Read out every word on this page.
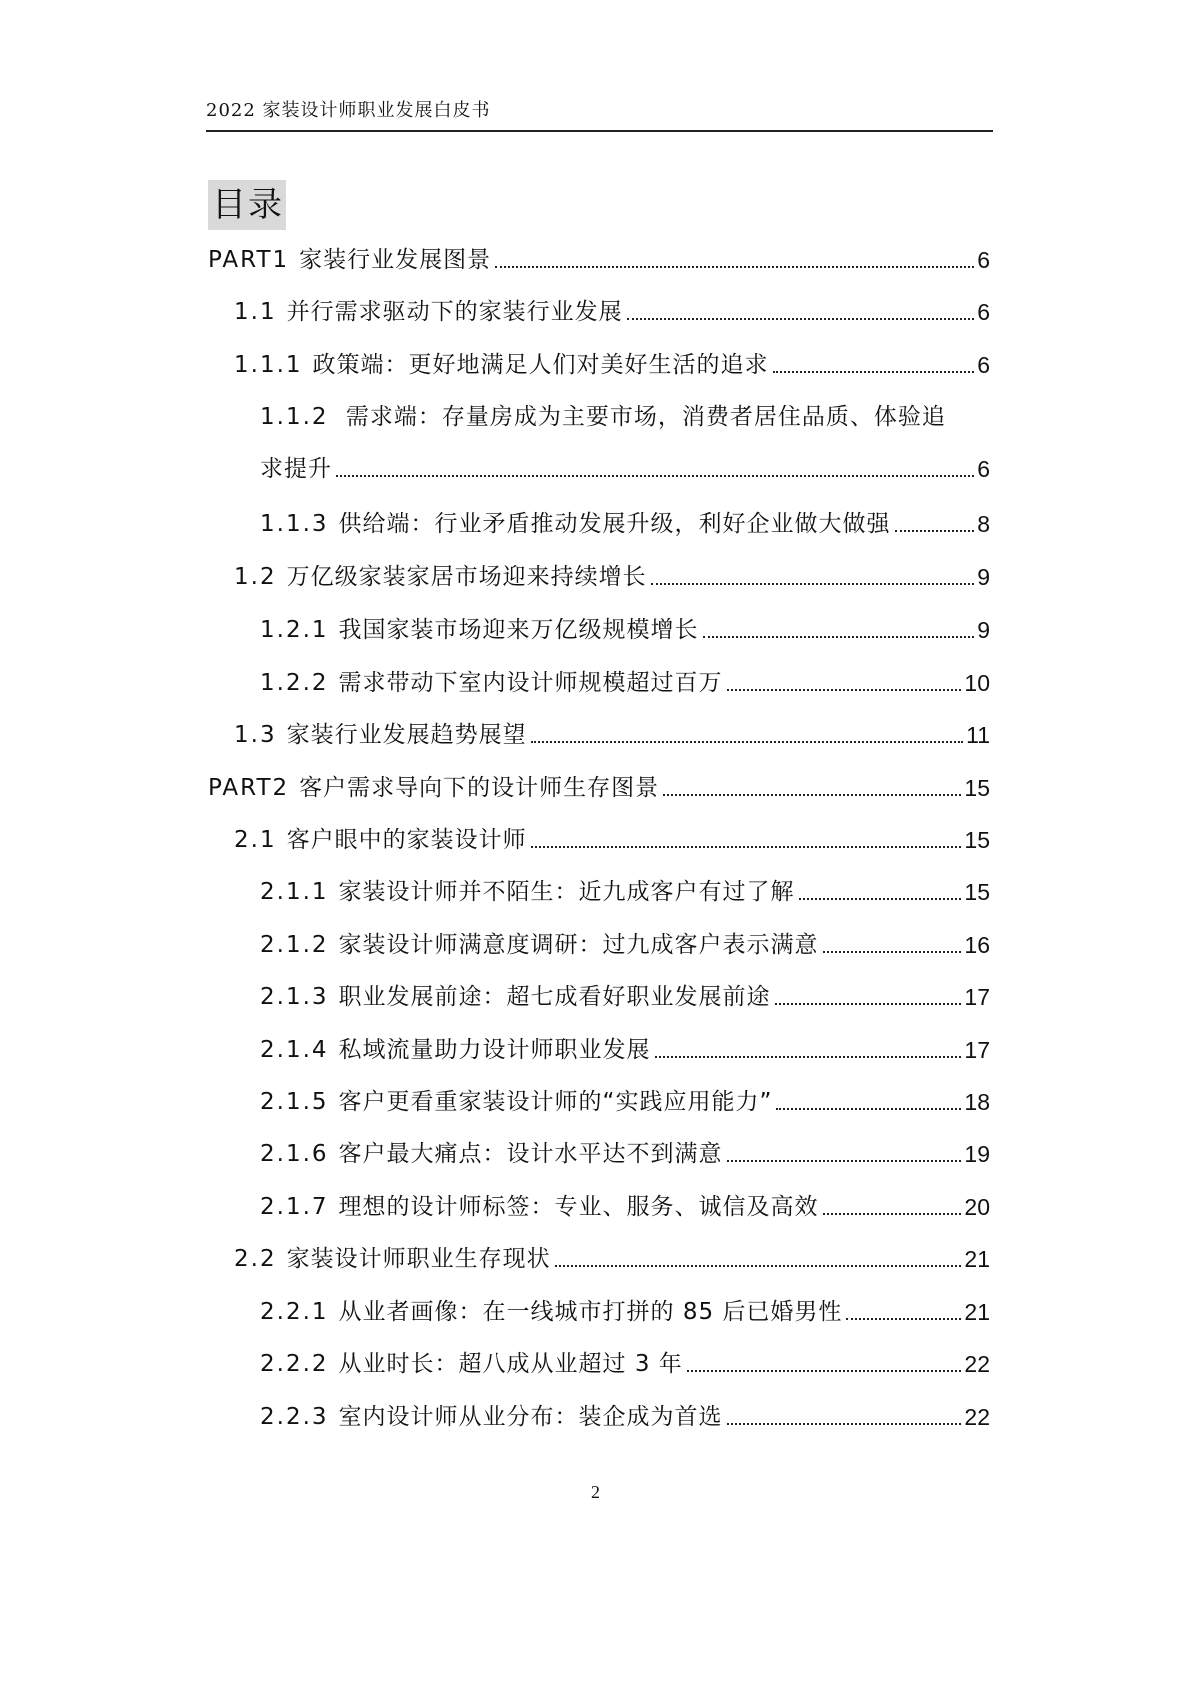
2022 家装设计师职业发展白皮书
目录
PART1 家装行业发展图景	6
1.1 并行需求驱动下的家装行业发展	6
1.1.1 政策端：更好地满足人们对美好生活的追求	6
1.1.2 需求端：存量房成为主要市场，消费者居住品质、体验追
求提升	6
1.1.3 供给端：行业矛盾推动发展升级，利好企业做大做强	8
1.2 万亿级家装家居市场迎来持续增长	9
1.2.1 我国家装市场迎来万亿级规模增长	9
1.2.2 需求带动下室内设计师规模超过百万	10
1.3 家装行业发展趋势展望	11
PART2 客户需求导向下的设计师生存图景	15
2.1 客户眼中的家装设计师	15
2.1.1 家装设计师并不陌生：近九成客户有过了解	15
2.1.2 家装设计师满意度调研：过九成客户表示满意	16
2.1.3 职业发展前途：超七成看好职业发展前途	17
2.1.4 私域流量助力设计师职业发展	17
2.1.5 客户更看重家装设计师的“实践应用能力”	18
2.1.6 客户最大痛点：设计水平达不到满意	19
2.1.7 理想的设计师标签：专业、服务、诚信及高效	20
2.2 家装设计师职业生存现状	21
2.2.1 从业者画像：在一线城市打拼的 85 后已婚男性	21
2.2.2 从业时长：超八成从业超过 3 年	22
2.2.3 室内设计师从业分布：装企成为首选	22
2
